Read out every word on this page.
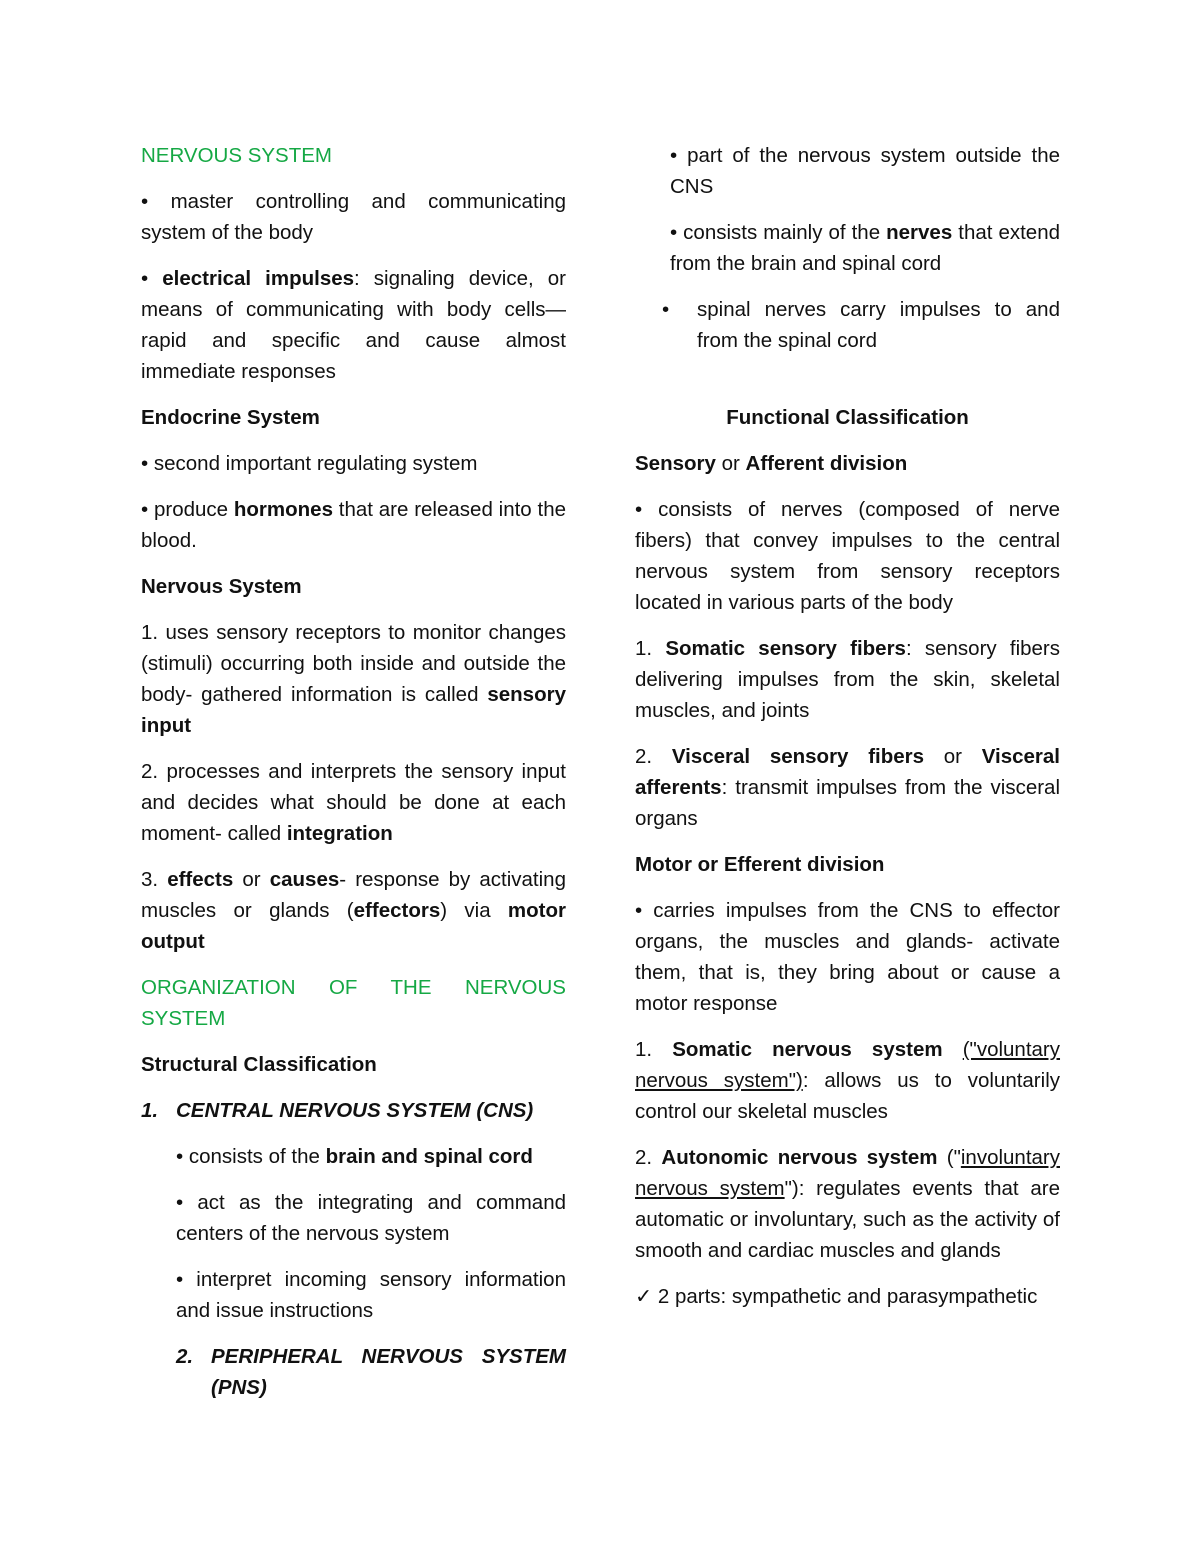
NERVOUS SYSTEM

• master controlling and communicating system of the body

• electrical impulses: signaling device, or means of communicating with body cells— rapid and specific and cause almost immediate responses

Endocrine System

• second important regulating system

• produce hormones that are released into the blood.

Nervous System

1. uses sensory receptors to monitor changes (stimuli) occurring both inside and outside the body- gathered information is called sensory input

2. processes and interprets the sensory input and decides what should be done at each moment- called integration

3. effects or causes- response by activating muscles or glands (effectors) via motor output

ORGANIZATION OF THE NERVOUS SYSTEM

Structural Classification

1. CENTRAL NERVOUS SYSTEM (CNS)

• consists of the brain and spinal cord

• act as the integrating and command centers of the nervous system

• interpret incoming sensory information and issue instructions

2. PERIPHERAL NERVOUS SYSTEM (PNS)

• part of the nervous system outside the CNS

• consists mainly of the nerves that extend from the brain and spinal cord

• spinal nerves carry impulses to and from the spinal cord

Functional Classification

Sensory or Afferent division

• consists of nerves (composed of nerve fibers) that convey impulses to the central nervous system from sensory receptors located in various parts of the body

1. Somatic sensory fibers: sensory fibers delivering impulses from the skin, skeletal muscles, and joints

2. Visceral sensory fibers or Visceral afferents: transmit impulses from the visceral organs

Motor or Efferent division

• carries impulses from the CNS to effector organs, the muscles and glands- activate them, that is, they bring about or cause a motor response

1. Somatic nervous system ("voluntary nervous system"): allows us to voluntarily control our skeletal muscles

2. Autonomic nervous system ("involuntary nervous system"): regulates events that are automatic or involuntary, such as the activity of smooth and cardiac muscles and glands

✓ 2 parts: sympathetic and parasympathetic
